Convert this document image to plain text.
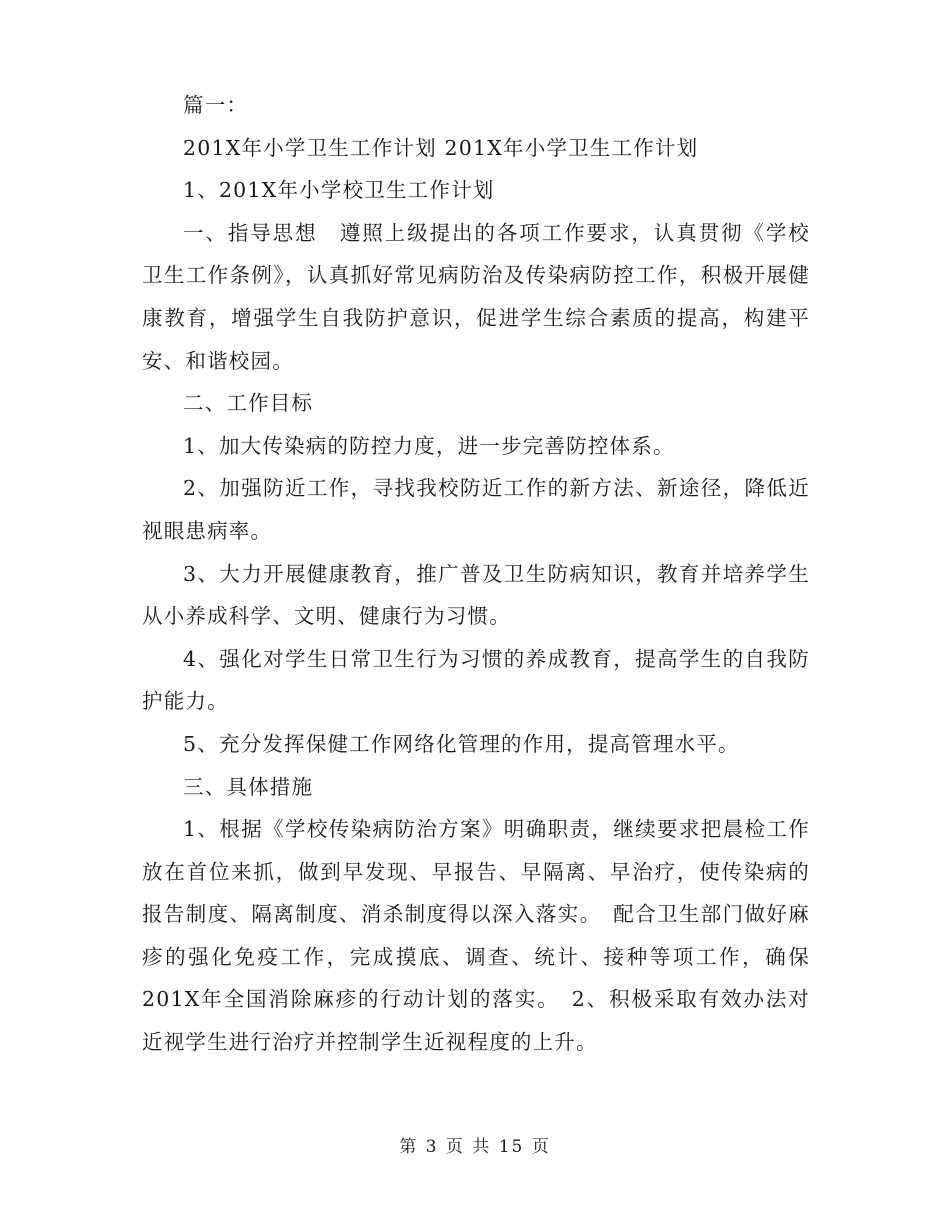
篇一：

201X年小学卫生工作计划 201X年小学卫生工作计划

1、201X年小学校卫生工作计划

一、指导思想　遵照上级提出的各项工作要求，认真贯彻《学校卫生工作条例》，认真抓好常见病防治及传染病防控工作，积极开展健康教育，增强学生自我防护意识，促进学生综合素质的提高，构建平安、和谐校园。

二、工作目标

1、加大传染病的防控力度，进一步完善防控体系。

2、加强防近工作，寻找我校防近工作的新方法、新途径，降低近视眼患病率。

3、大力开展健康教育，推广普及卫生防病知识，教育并培养学生从小养成科学、文明、健康行为习惯。

4、强化对学生日常卫生行为习惯的养成教育，提高学生的自我防护能力。

5、充分发挥保健工作网络化管理的作用，提高管理水平。

三、具体措施

1、根据《学校传染病防治方案》明确职责，继续要求把晨检工作放在首位来抓，做到早发现、早报告、早隔离、早治疗，使传染病的报告制度、隔离制度、消杀制度得以深入落实。　配合卫生部门做好麻疹的强化免疫工作，完成摸底、调查、统计、接种等项工作，确保201X年全国消除麻疹的行动计划的落实。　2、积极采取有效办法对近视学生进行治疗并控制学生近视程度的上升。

第 3 页 共 15 页
